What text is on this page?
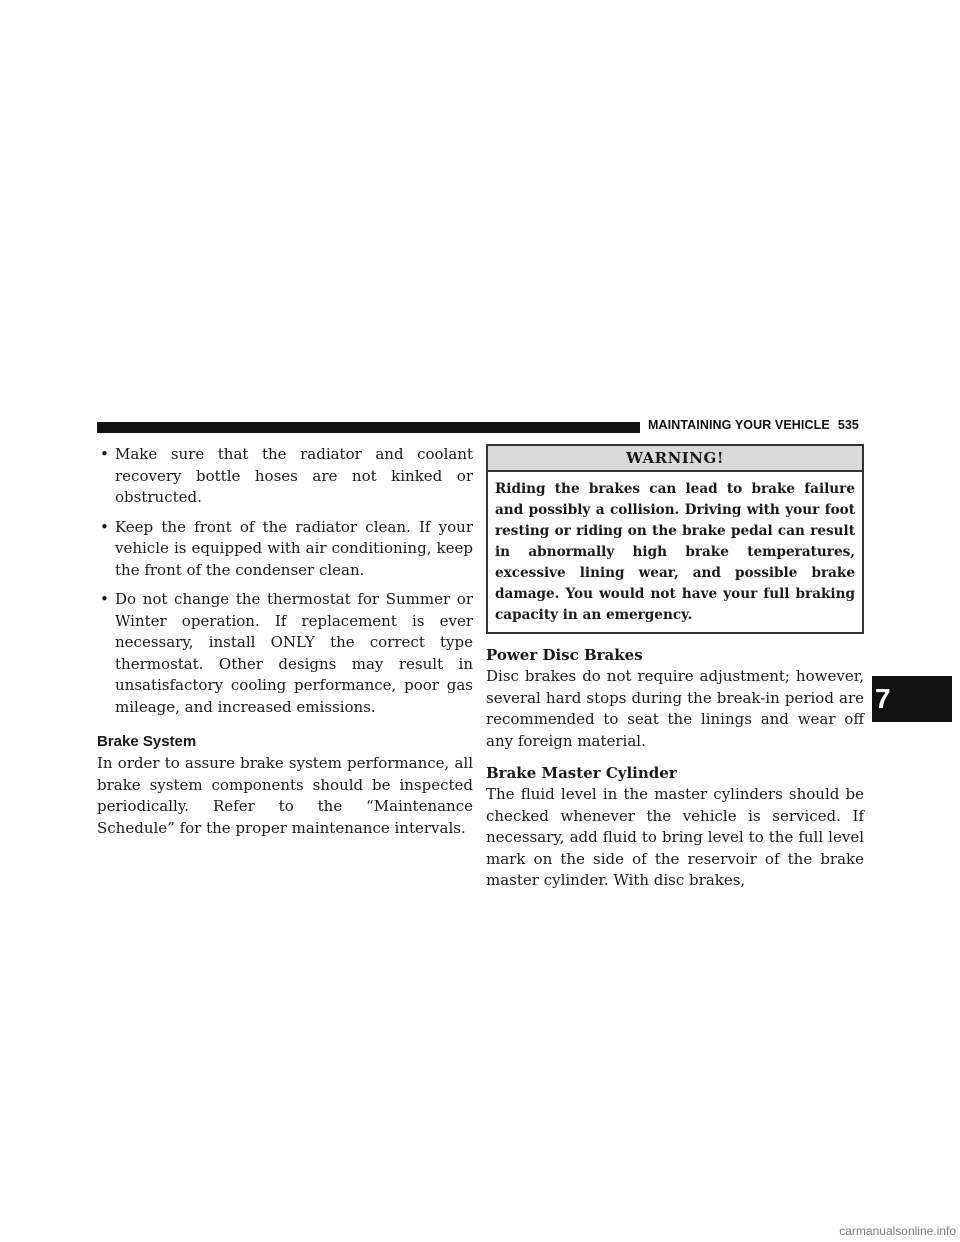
MAINTAINING YOUR VEHICLE 535
• Make sure that the radiator and coolant recovery bottle hoses are not kinked or obstructed.
• Keep the front of the radiator clean. If your vehicle is equipped with air conditioning, keep the front of the condenser clean.
• Do not change the thermostat for Summer or Winter operation. If replacement is ever necessary, install ONLY the correct type thermostat. Other designs may result in unsatisfactory cooling performance, poor gas mileage, and increased emissions.
Brake System

In order to assure brake system performance, all brake system components should be inspected periodically. Refer to the “Maintenance Schedule” for the proper maintenance intervals.

WARNING!
Riding the brakes can lead to brake failure and possibly a collision. Driving with your foot resting or riding on the brake pedal can result in abnormally high brake temperatures, excessive lining wear, and possible brake damage. You would not have your full braking capacity in an emergency.
Power Disc Brakes

Disc brakes do not require adjustment; however, several hard stops during the break-in period are recommended to seat the linings and wear off any foreign material.

Brake Master Cylinder

The fluid level in the master cylinders should be checked whenever the vehicle is serviced. If necessary, add fluid to bring level to the full level mark on the side of the reservoir of the brake master cylinder. With disc brakes,

7
carmanualsonline.info
